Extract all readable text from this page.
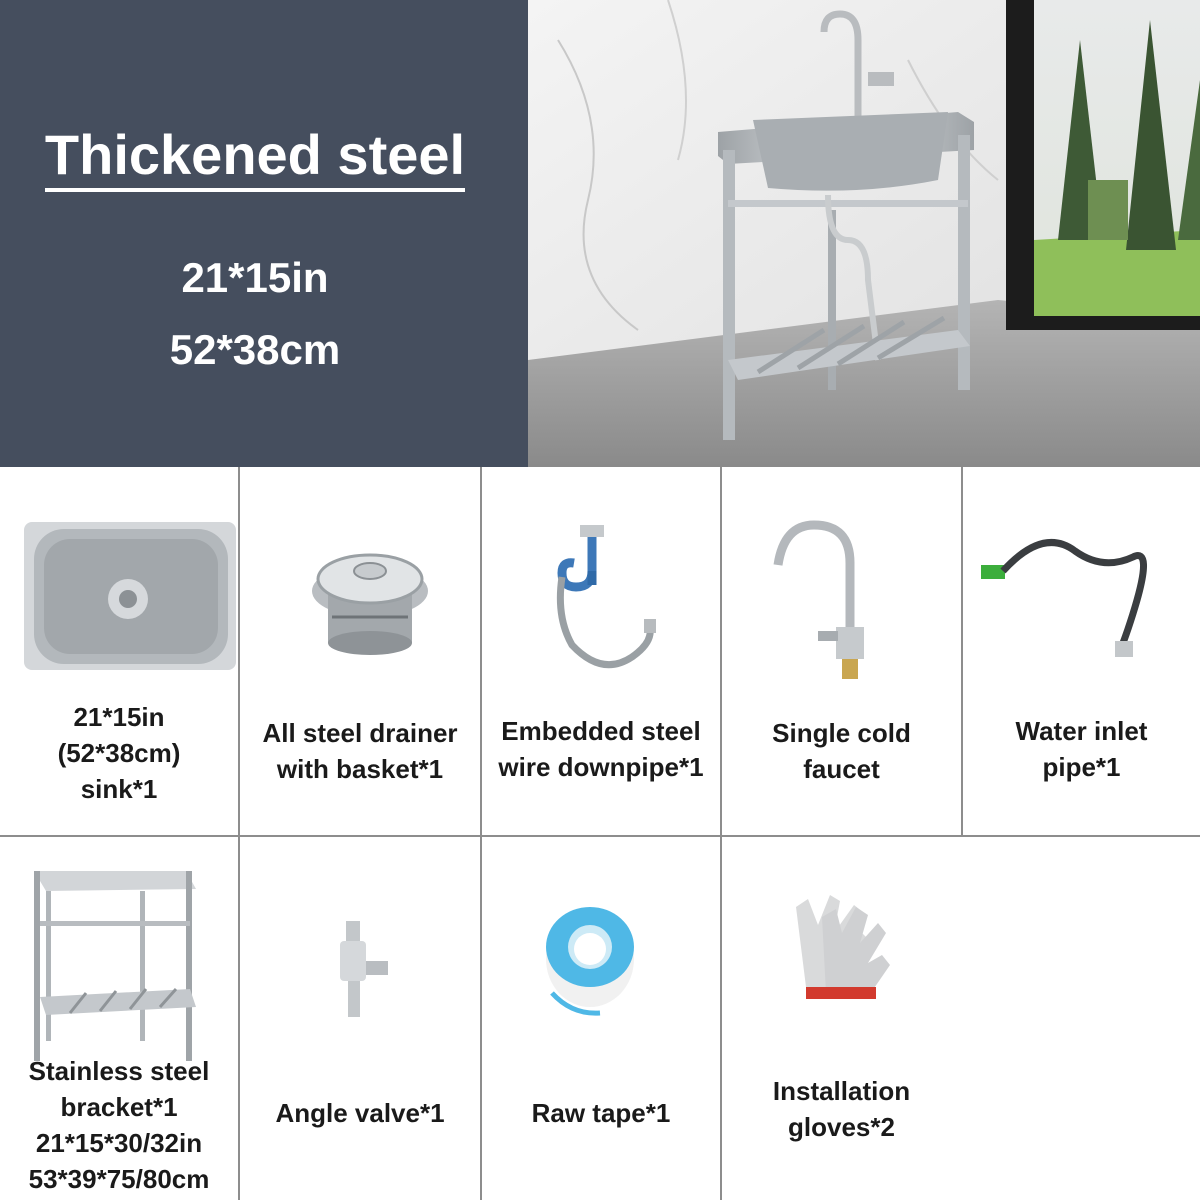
Thickened steel
21*15in
52*38cm
21*15in
(52*38cm)
sink*1
All steel drainer
with basket*1
Embedded steel
wire downpipe*1
Single cold
faucet
Water inlet
pipe*1
Stainless steel
bracket*1
21*15*30/32in
53*39*75/80cm
Angle valve*1	Raw tape*1
Installation
gloves*2
